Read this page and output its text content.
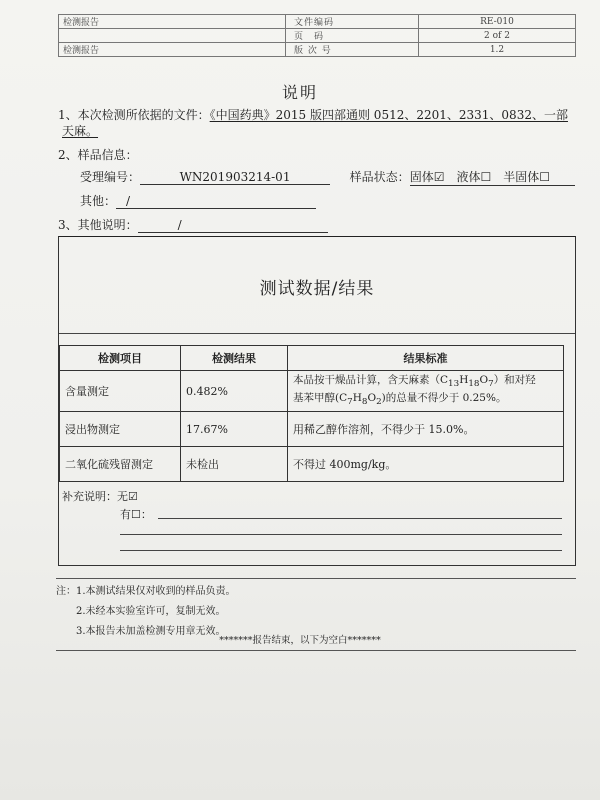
检测报告	文件编码	RE-010
	页　码	2 of 2
检测报告	版 次 号	1.2
说明
1、本次检测所依据的文件：《中国药典》2015 版四部通则 0512、2201、2331、0832、一部
天麻。
2、样品信息：
受理编号：	WN201903214-01	样品状态：固体☑　 液体☐　 半固体☐
其他： /
3、其他说明：	/
测试数据/结果
检测项目	检测结果	结果标准
含量测定	0.482%	本品按干燥品计算，含天麻素$(C_{13}H_{18}O_7)$和对羟
基苯甲醇$(C_7H_8O_2)$的总量不得少于 0.25%。
浸出物测定	17.67%	用稀乙醇作溶剂，不得少于 15.0%。
二氧化硫残留测定	未检出	不得过 400mg/kg。
补充说明：无☑
有☐：
注：1.本测试结果仅对收到的样品负责。
　　2.未经本实验室许可，复制无效。
　　3.本报告未加盖检测专用章无效。
*******报告结束，以下为空白*******
